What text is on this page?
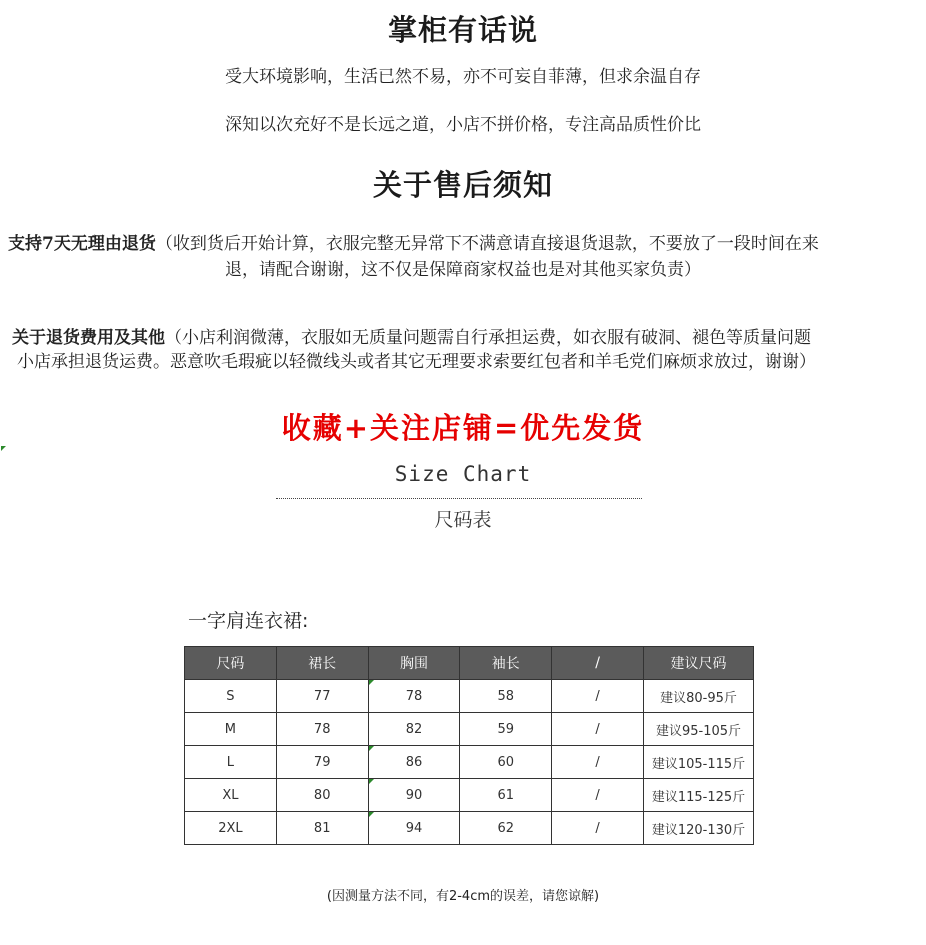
掌柜有话说
受大环境影响，生活已然不易，亦不可妄自菲薄，但求余温自存
深知以次充好不是长远之道，小店不拼价格，专注高品质性价比
关于售后须知
支持7天无理由退货（收到货后开始计算，衣服完整无异常下不满意请直接退货退款，不要放了一段时间在来
退，请配合谢谢，这不仅是保障商家权益也是对其他买家负责）
关于退货费用及其他（小店利润微薄，衣服如无质量问题需自行承担运费，如衣服有破洞、褪色等质量问题
小店承担退货运费。恶意吹毛瑕疵以轻微线头或者其它无理要求索要红包者和羊毛党们麻烦求放过，谢谢）
收藏+关注店铺=优先发货
Size Chart
尺码表
一字肩连衣裙:
尺码	裙长	胸围	袖长	/	建议尺码
S	77	78	58	/	建议80-95斤
M	78	82	59	/	建议95-105斤
L	79	86	60	/	建议105-115斤
XL	80	90	61	/	建议115-125斤
2XL	81	94	62	/	建议120-130斤
(因测量方法不同，有2-4cm的误差，请您谅解)
